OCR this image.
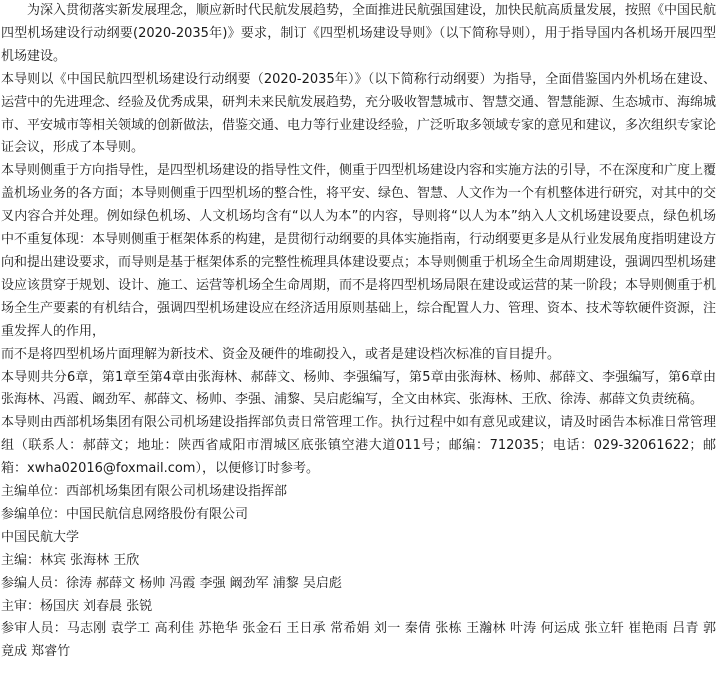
为深入贯彻落实新发展理念，顺应新时代民航发展趋势，全面推进民航强国建设，加快民航高质量发展，按照《中国民航四型机场建设行动纲要(2020-2035年)》要求，制订《四型机场建设导则》（以下简称导则），用于指导国内各机场开展四型机场建设。

本导则以《中国民航四型机场建设行动纲要（2020-2035年）》（以下简称行动纲要）为指导，全面借鉴国内外机场在建设、运营中的先进理念、经验及优秀成果，研判未来民航发展趋势，充分吸收智慧城市、智慧交通、智慧能源、生态城市、海绵城市、平安城市等相关领域的创新做法，借鉴交通、电力等行业建设经验，广泛听取多领域专家的意见和建议，多次组织专家论证会议，形成了本导则。

本导则侧重于方向指导性，是四型机场建设的指导性文件，侧重于四型机场建设内容和实施方法的引导，不在深度和广度上覆盖机场业务的各方面；本导则侧重于四型机场的整合性，将平安、绿色、智慧、人文作为一个有机整体进行研究，对其中的交叉内容合并处理。例如绿色机场、人文机场均含有“以人为本”的内容，导则将“以人为本”纳入人文机场建设要点，绿色机场中不重复体现：本导则侧重于框架体系的构建，是贯彻行动纲要的具体实施指南，行动纲要更多是从行业发展角度指明建设方向和提出建设要求，而导则是基于框架体系的完整性梳理具体建设要点；本导则侧重于机场全生命周期建设，强调四型机场建设应该贯穿于规划、设计、施工、运营等机场全生命周期，而不是将四型机场局限在建设或运营的某一阶段；本导则侧重于机场全生产要素的有机结合，强调四型机场建设应在经济适用原则基础上，综合配置人力、管理、资本、技术等软硬件资源，注重发挥人的作用，

而不是将四型机场片面理解为新技术、资金及硬件的堆砌投入，或者是建设档次标准的盲目提升。

本导则共分6章，第1章至第4章由张海林、郝薛文、杨帅、李强编写，第5章由张海林、杨帅、郝薛文、李强编写，第6章由张海林、冯霞、阚劲军、郝薛文、杨帅、李强、浦黎、吴启彪编写，全文由林宾、张海林、王欣、徐涛、郝薛文负责统稿。

本导则由西部机场集团有限公司机场建设指挥部负责日常管理工作。执行过程中如有意见或建议，请及时函告本标准日常管理组（联系人：郝薛文；地址：陕西省咸阳市渭城区底张镇空港大道011号；邮编：712035；电话：029-32061622；邮箱：xwha02016@foxmail.com），以便修订时参考。

主编单位：西部机场集团有限公司机场建设指挥部

参编单位：中国民航信息网络股份有限公司

中国民航大学

主编：林宾 张海林 王欣

参编人员：徐涛 郝薛文 杨帅 冯霞 李强 阚劲军 浦黎 吴启彪

主审：杨国庆 刘春晨 张锐

参审人员：马志刚 袁学工 高利佳 苏艳华 张金石 王日承 常希娟 刘一 秦倩 张栋 王瀚林 叶涛 何运成 张立轩 崔艳雨 吕青 郭竟成 郑睿竹
